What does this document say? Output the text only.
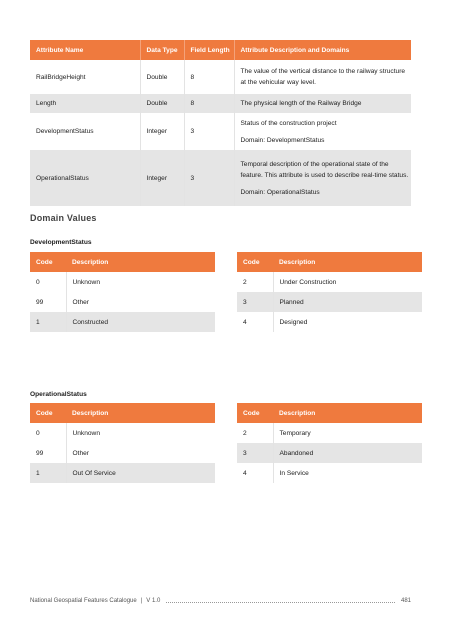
Attribute Name	Data Type	Field Length	Attribute Description and Domains
RailBridgeHeight	Double	8	The value of the vertical distance to the railway structure at the vehicular way level.

Length	Double	8	The physical length of the Railway Bridge

DevelopmentStatus	Integer	3	Status of the construction project

Domain: DevelopmentStatus

OperationalStatus	Integer	3	Temporal description of the operational state of the feature. This attribute is used to describe real-time status.

Domain: OperationalStatus

Domain Values
DevelopmentStatus
Code	Description
0	Unknown
99	Other
1	Constructed
Code	Description
2	Under Construction
3	Planned
4	Designed
OperationalStatus
Code	Description
0	Unknown
99	Other
1	Out Of Service
Code	Description
2	Temporary
3	Abandoned
4	In Service
National Geospatial Features Catalogue | V 1.0	481
